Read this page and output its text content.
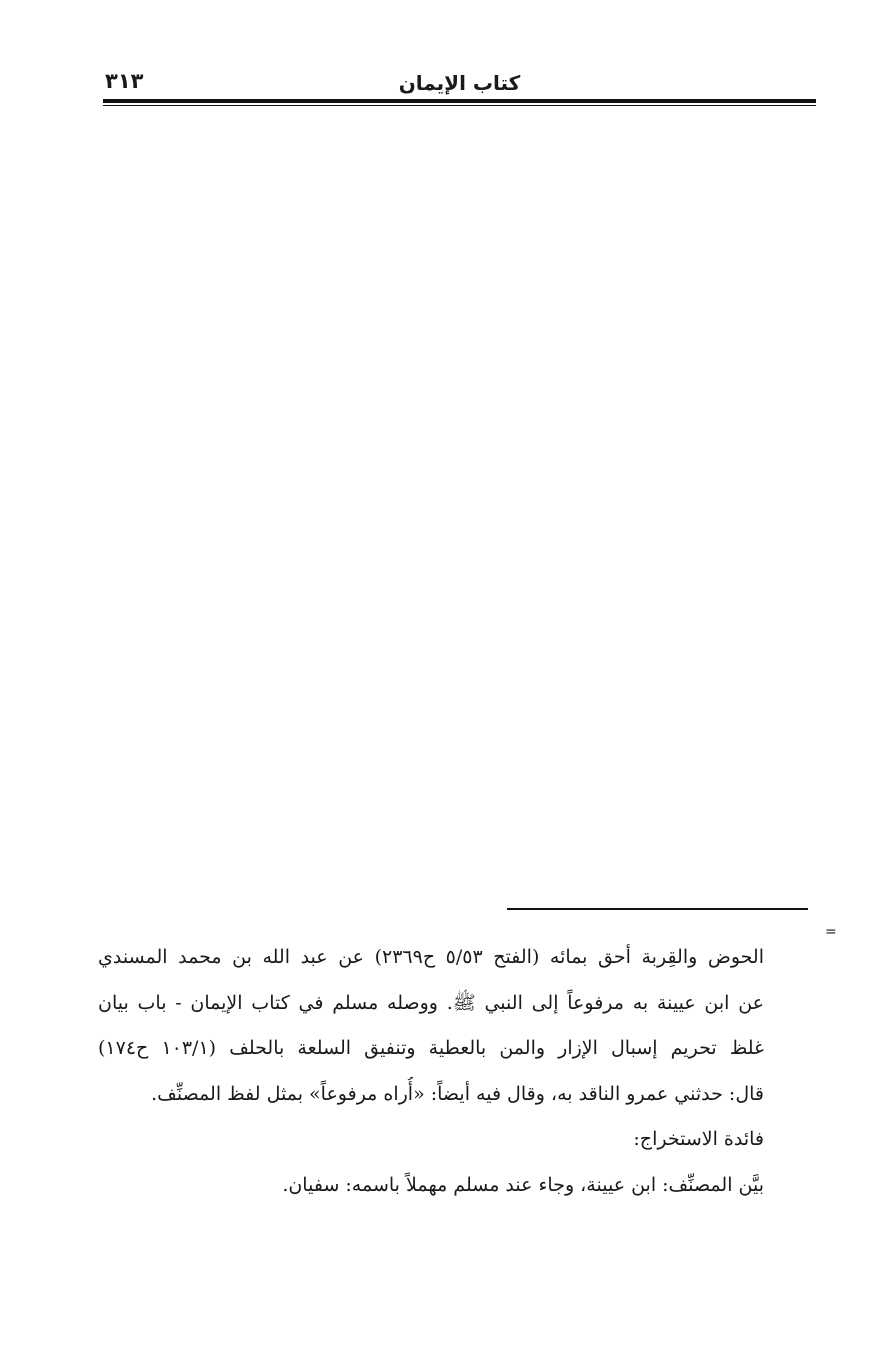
كتاب الإيمان
٣١٣
=
الحوض والقِربة أحق بمائه (الفتح ٥/٥٣ ح٢٣٦٩) عن عبد الله بن محمد المسندي
عن ابن عيينة به مرفوعاً إلى النبي ﷺ. ووصله مسلم في كتاب الإيمان - باب بيان
غلظ تحريم إسبال الإزار والمن بالعطية وتنفيق السلعة بالحلف (١٠٣/١ ح١٧٤)
قال: حدثني عمرو الناقد به، وقال فيه أيضاً: «أُراه مرفوعاً» بمثل لفظ المصنِّف.
فائدة الاستخراج:
بيَّن المصنِّف: ابن عيينة، وجاء عند مسلم مهملاً باسمه: سفيان.
